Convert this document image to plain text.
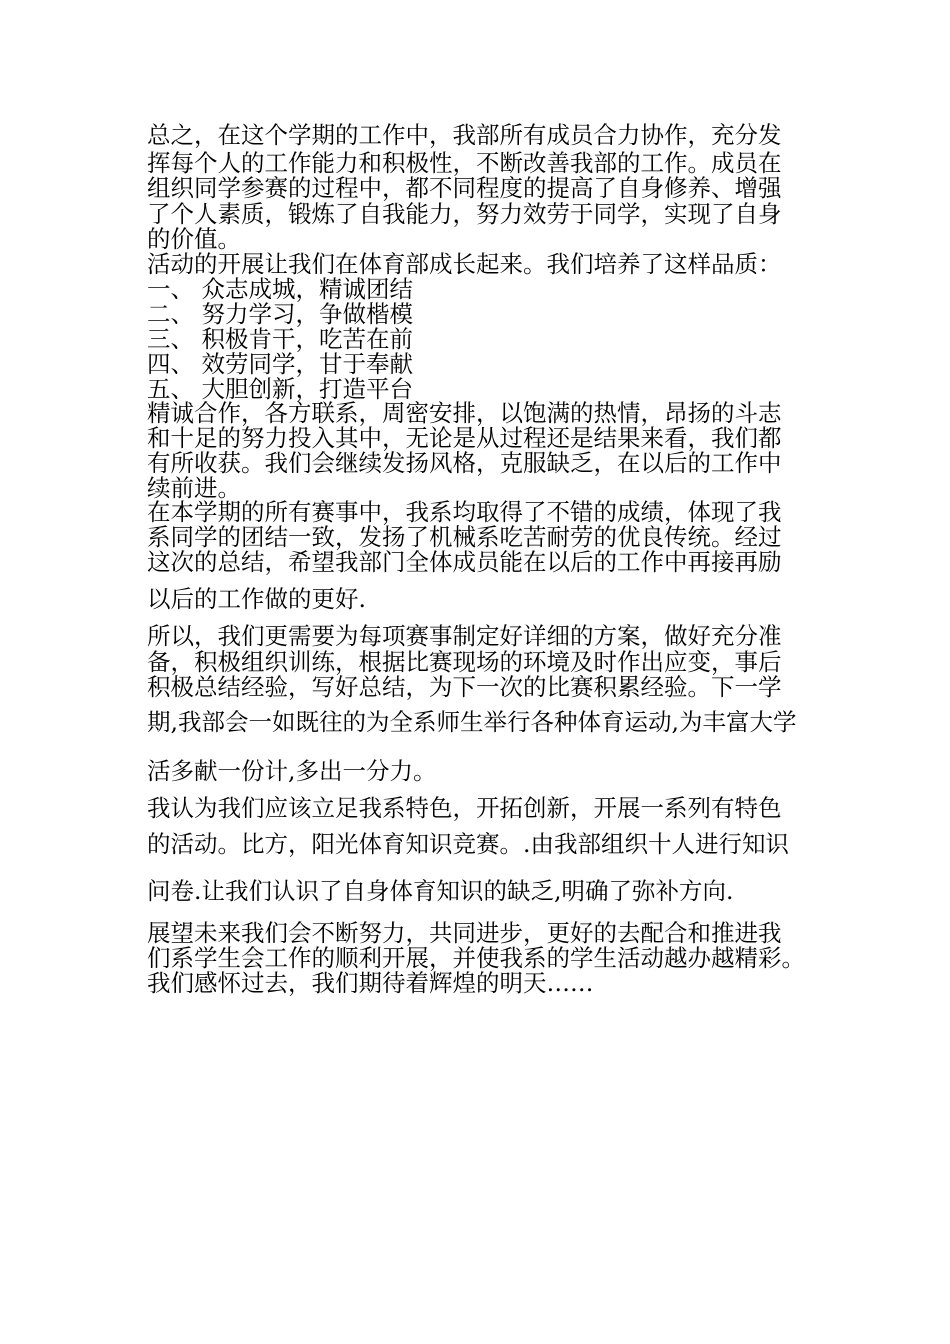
总之，在这个学期的工作中，我部所有成员合力协作，充分发
挥每个人的工作能力和积极性，不断改善我部的工作。成员在
组织同学参赛的过程中，都不同程度的提高了自身修养、增强
了个人素质，锻炼了自我能力，努力效劳于同学，实现了自身
的价值。
活动的开展让我们在体育部成长起来。我们培养了这样品质：
一、 众志成城，精诚团结
二、 努力学习，争做楷模
三、 积极肯干，吃苦在前
四、 效劳同学，甘于奉献
五、 大胆创新，打造平台
精诚合作，各方联系，周密安排，以饱满的热情，昂扬的斗志
和十足的努力投入其中，无论是从过程还是结果来看，我们都
有所收获。我们会继续发扬风格，克服缺乏，在以后的工作中
续前进。
在本学期的所有赛事中，我系均取得了不错的成绩，体现了我
系同学的团结一致，发扬了机械系吃苦耐劳的优良传统。经过
这次的总结，希望我部门全体成员能在以后的工作中再接再励
以后的工作做的更好.
所以，我们更需要为每项赛事制定好详细的方案，做好充分准
备，积极组织训练，根据比赛现场的环境及时作出应变，事后
积极总结经验，写好总结，为下一次的比赛积累经验。下一学
期,我部会一如既往的为全系师生举行各种体育运动,为丰富大学
活多献一份计,多出一分力。
我认为我们应该立足我系特色，开拓创新，开展一系列有特色
的活动。比方，阳光体育知识竞赛。.由我部组织十人进行知识
问卷.让我们认识了自身体育知识的缺乏,明确了弥补方向.
展望未来我们会不断努力，共同进步，更好的去配合和推进我
们系学生会工作的顺利开展，并使我系的学生活动越办越精彩。
我们感怀过去，我们期待着辉煌的明天……
